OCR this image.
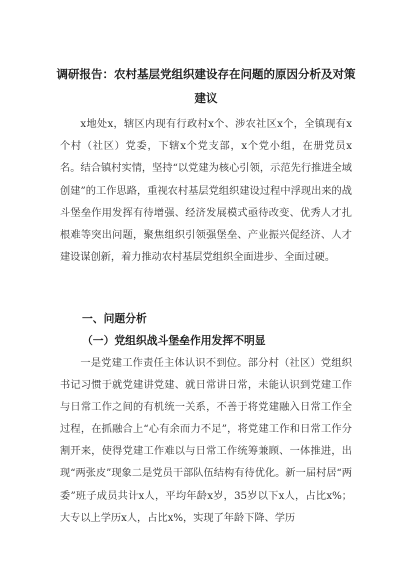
调研报告：农村基层党组织建设存在问题的原因分析及对策建议
x地处x，辖区内现有行政村x个、涉农社区x个，全镇现有x个村（社区）党委，下辖x个党支部，x个党小组，在册党员x名。结合镇村实情，坚持“以党建为核心引领，示范先行推进全域创建”的工作思路，重视农村基层党组织建设过程中浮现出来的战斗堡垒作用发挥有待增强、经济发展模式亟待改变、优秀人才扎根难等突出问题，聚焦组织引领强堡垒、产业振兴促经济、人才建设谋创新，着力推动农村基层党组织全面进步、全面过硬。
一、问题分析
（一）党组织战斗堡垒作用发挥不明显
一是党建工作责任主体认识不到位。部分村（社区）党组织书记习惯于就党建讲党建、就日常讲日常，未能认识到党建工作与日常工作之间的有机统一关系，不善于将党建融入日常工作全过程，在抓融合上“心有余而力不足”，将党建工作和日常工作分割开来，使得党建工作难以与日常工作统筹兼顾、一体推进，出现“两张皮”现象二是党员干部队伍结构有待优化。新一届村居“两委”班子成员共计x人，平均年龄x岁，35岁以下x人，占比x%；大专以上学历x人，占比x%，实现了年龄下降、学历
